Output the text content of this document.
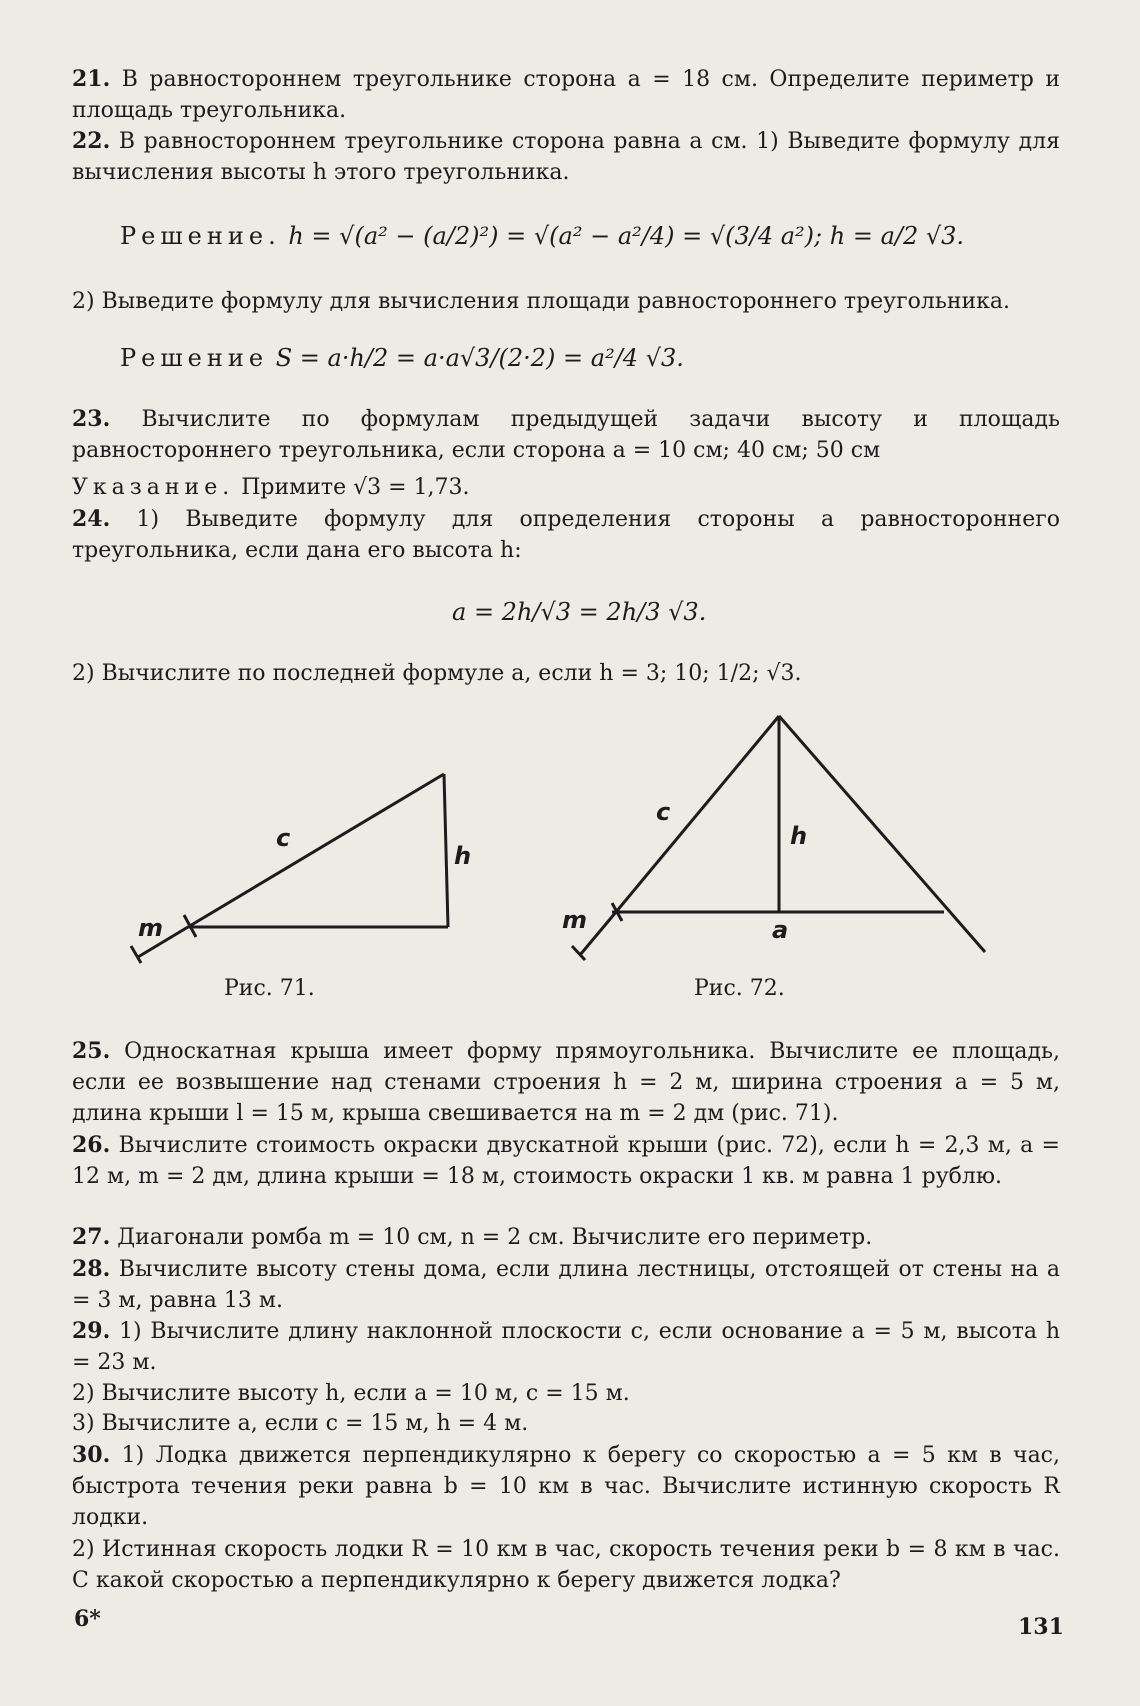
21. В равностороннем треугольнике сторона a = 18 см. Определите периметр и площадь треугольника.
22. В равностороннем треугольнике сторона равна a см. 1) Выведите формулу для вычисления высоты h этого треугольника.
Решение. h = √(a² − (a/2)²) = √(a² − a²/4) = √(3/4 a²); h = a/2 √3.
2) Выведите формулу для вычисления площади равностороннего треугольника.
Решение S = a·h/2 = a·a√3/(2·2) = a²/4 √3.
23. Вычислите по формулам предыдущей задачи высоту и площадь равностороннего треугольника, если сторона a = 10 см; 40 см; 50 см
Указание. Примите √3 = 1,73.
24. 1) Выведите формулу для определения стороны a равностороннего треугольника, если дана его высота h:
a = 2h/√3 = 2h/3 √3.
2) Вычислите по последней формуле a, если h = 3; 10; 1/2; √3.
c
h
m
Рис. 71.
c
h
m	a
Рис. 72.
25. Односкатная крыша имеет форму прямоугольника. Вычислите ее площадь, если ее возвышение над стенами строения h = 2 м, ширина строения a = 5 м, длина крыши l = 15 м, крыша свешивается на m = 2 дм (рис. 71).
26. Вычислите стоимость окраски двускатной крыши (рис. 72), если h = 2,3 м, a = 12 м, m = 2 дм, длина крыши = 18 м, стоимость окраски 1 кв. м равна 1 рублю.
27. Диагонали ромба m = 10 см, n = 2 см. Вычислите его периметр.
28. Вычислите высоту стены дома, если длина лестницы, отстоящей от стены на a = 3 м, равна 13 м.
29. 1) Вычислите длину наклонной плоскости c, если основание a = 5 м, высота h = 23 м.
2) Вычислите высоту h, если a = 10 м, c = 15 м.
3) Вычислите a, если c = 15 м, h = 4 м.
30. 1) Лодка движется перпендикулярно к берегу со скоростью a = 5 км в час, быстрота течения реки равна b = 10 км в час. Вычислите истинную скорость R лодки.
2) Истинная скорость лодки R = 10 км в час, скорость течения реки b = 8 км в час. С какой скоростью a перпендикулярно к берегу движется лодка?
6*	131
